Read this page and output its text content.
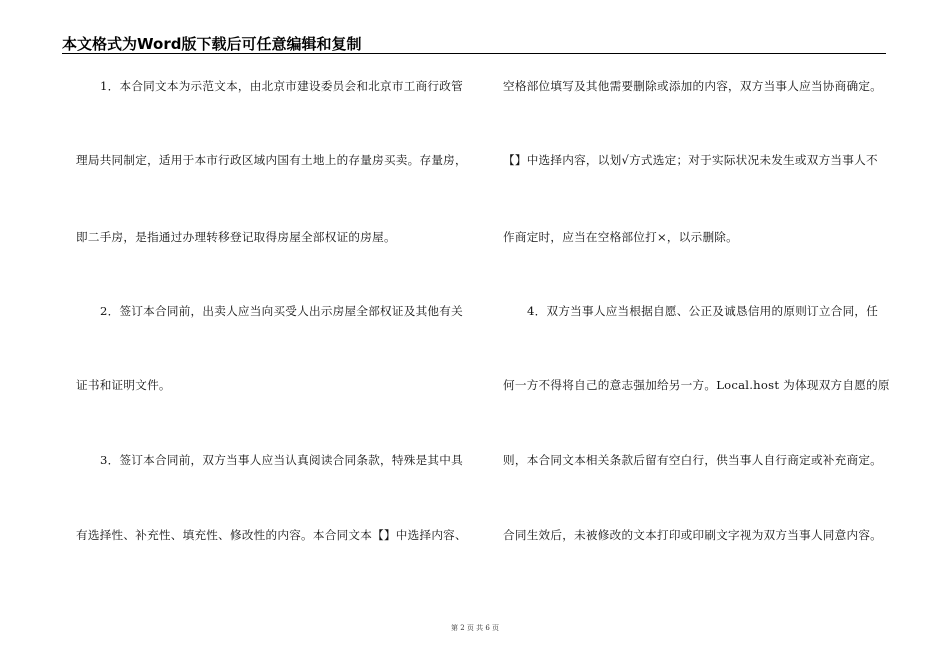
本文格式为Word版下载后可任意编辑和复制
1．本合同文本为示范文本，由北京市建设委员会和北京市工商行政管
理局共同制定，适用于本市行政区域内国有土地上的存量房买卖。存量房，
即二手房，是指通过办理转移登记取得房屋全部权证的房屋。
2．签订本合同前，出卖人应当向买受人出示房屋全部权证及其他有关
证书和证明文件。
3．签订本合同前，双方当事人应当认真阅读合同条款，特殊是其中具
有选择性、补充性、填充性、修改性的内容。本合同文本【】中选择内容、
空格部位填写及其他需要删除或添加的内容，双方当事人应当协商确定。
【】中选择内容，以划√方式选定；对于实际状况未发生或双方当事人不
作商定时，应当在空格部位打×，以示删除。
4．双方当事人应当根据自愿、公正及诚恳信用的原则订立合同，任
何一方不得将自己的意志强加给另一方。Local.host 为体现双方自愿的原
则，本合同文本相关条款后留有空白行，供当事人自行商定或补充商定。
合同生效后，未被修改的文本打印或印刷文字视为双方当事人同意内容。
第 2 页 共 6 页
